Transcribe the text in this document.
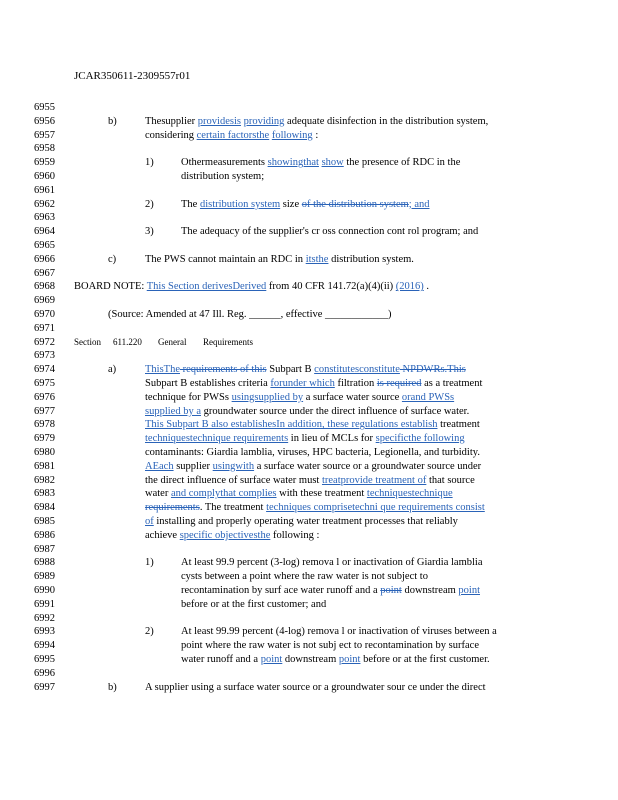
JCAR350611-2309557r01
6955
6956	b)	Thesupplier providesis providing adequate disinfection in the distribution system,
6957	considering certain factorsthe following :
6958
6959	1)	Othermeasurements showingthat show the presence of RDC in the
6960	distribution system;
6961
6962	2)	The distribution system size of the distribution system; and
6963
6964	3)	The adequacy of the supplier's cr oss connection cont rol program; and
6965
6966	c)	The PWS cannot maintain an RDC in itsthe distribution system.
6967
6968 BOARD NOTE: This Section derivesDerived from 40 CFR 141.72(a)(4)(ii) (2016) .
6969
6970	(Source: Amended at 47 Ill. Reg. ______, effective ____________)
6971
6972 Section 611.220 General Requirements
6973
6974	a)	ThisThe requirements of this Subpart B constitutesconstitute NPDWRs.This
6975	Subpart B establishes criteria forunder which filtration is required as a treatment
6976	technique for PWSs usingsupplied by a surface water source orand PWSs
6977	supplied by a groundwater source under the direct influence of surface water.
6978	This Subpart B also establishesIn addition, these regulations establish treatment
6979	techniquestechnique requirements in lieu of MCLs for specificthe following
6980	contaminants: Giardia lamblia, viruses, HPC bacteria, Legionella, and turbidity.
6981	AEach supplier usingwith a surface water source or a groundwater source under
6982	the direct influence of surface water must treatprovide treatment of that source
6983	water and complythat complies with these treatment techniquestechnique
6984	requirements. The treatment techniques comprisetechni que requirements consist
6985	of installing and properly operating water treatment processes that reliably
6986	achieve specific objectivesthe following :
6987
6988	1)	At least 99.9 percent (3-log) remova l or inactivation of Giardia lamblia
6989	cysts between a point where the raw water is not subject to
6990	recontamination by surf ace water runoff and a point downstream point
6991	before or at the first customer; and
6992
6993	2)	At least 99.99 percent (4-log) remova l or inactivation of viruses between a
6994	point where the raw water is not subj ect to recontamination by surface
6995	water runoff and a point downstream point before or at the first customer.
6996
6997	b)	A supplier using a surface water source or a groundwater sour ce under the direct
